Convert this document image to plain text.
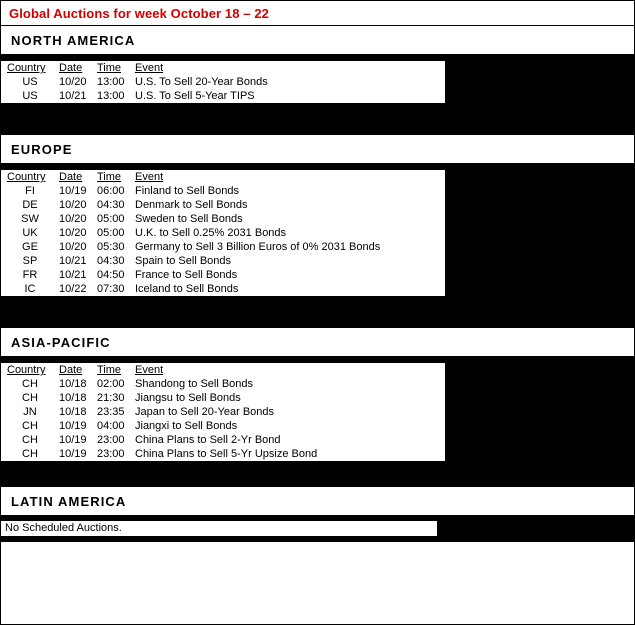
Global Auctions for week October 18 – 22
NORTH AMERICA
Country	Date	Time	Event
US	10/20	13:00	U.S. To Sell 20-Year Bonds
US	10/21	13:00	U.S. To Sell 5-Year TIPS
EUROPE
Country	Date	Time	Event
FI	10/19	06:00	Finland to Sell Bonds
DE	10/20	04:30	Denmark to Sell Bonds
SW	10/20	05:00	Sweden to Sell Bonds
UK	10/20	05:00	U.K. to Sell 0.25% 2031 Bonds
GE	10/20	05:30	Germany to Sell 3 Billion Euros of 0% 2031 Bonds
SP	10/21	04:30	Spain to Sell Bonds
FR	10/21	04:50	France to Sell Bonds
IC	10/22	07:30	Iceland to Sell Bonds
ASIA-PACIFIC
Country	Date	Time	Event
CH	10/18	02:00	Shandong to Sell Bonds
CH	10/18	21:30	Jiangsu to Sell Bonds
JN	10/18	23:35	Japan to Sell 20-Year Bonds
CH	10/19	04:00	Jiangxi to Sell Bonds
CH	10/19	23:00	China Plans to Sell 2-Yr Bond
CH	10/19	23:00	China Plans to Sell 5-Yr Upsize Bond
LATIN AMERICA
No Scheduled Auctions.
